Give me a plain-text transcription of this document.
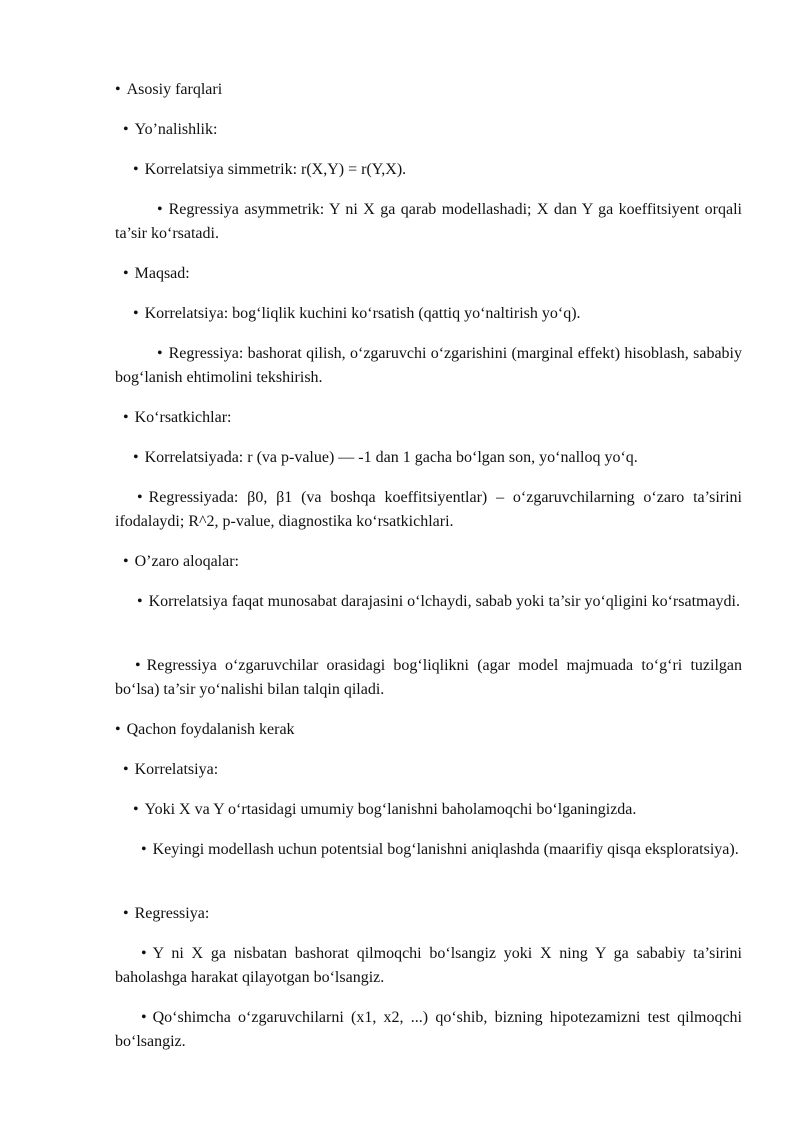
• Asosiy farqlari

• Yo’nalishlik:

• Korrelatsiya simmetrik: r(X,Y) = r(Y,X).

• Regressiya asymmetrik: Y ni X ga qarab modellashadi; X dan Y ga koeffitsiyent orqali ta’sir ko‘rsatadi.

• Maqsad:

• Korrelatsiya: bog‘liqlik kuchini ko‘rsatish (qattiq yo‘naltirish yo‘q).

• Regressiya: bashorat qilish, o‘zgaruvchi o‘zgarishini (marginal effekt) hisoblash, sababiy bog‘lanish ehtimolini tekshirish.

• Ko‘rsatkichlar:

• Korrelatsiyada: r (va p-value) — -1 dan 1 gacha bo‘lgan son, yo‘nalloq yo‘q.

• Regressiyada: β0, β1 (va boshqa koeffitsiyentlar) – o‘zgaruvchilarning o‘zaro ta’sirini ifodalaydi; R^2, p-value, diagnostika ko‘rsatkichlari.

• O’zaro aloqalar:

• Korrelatsiya faqat munosabat darajasini o‘lchaydi, sabab yoki ta’sir yo‘qligini ko‘rsatmaydi.

• Regressiya o‘zgaruvchilar orasidagi bog‘liqlikni (agar model majmuada to‘g‘ri tuzilgan bo‘lsa) ta’sir yo‘nalishi bilan talqin qiladi.

• Qachon foydalanish kerak

• Korrelatsiya:

• Yoki X va Y o‘rtasidagi umumiy bog‘lanishni baholamoqchi bo‘lganingizda.

• Keyingi modellash uchun potentsial bog‘lanishni aniqlashda (maarifiy qisqa eksploratsiya).

• Regressiya:

• Y ni X ga nisbatan bashorat qilmoqchi bo‘lsangiz yoki X ning Y ga sababiy ta’sirini baholashga harakat qilayotgan bo‘lsangiz.

• Qo‘shimcha o‘zgaruvchilarni (x1, x2, ...) qo‘shib, bizning hipotezamizni test qilmoqchi bo‘lsangiz.
